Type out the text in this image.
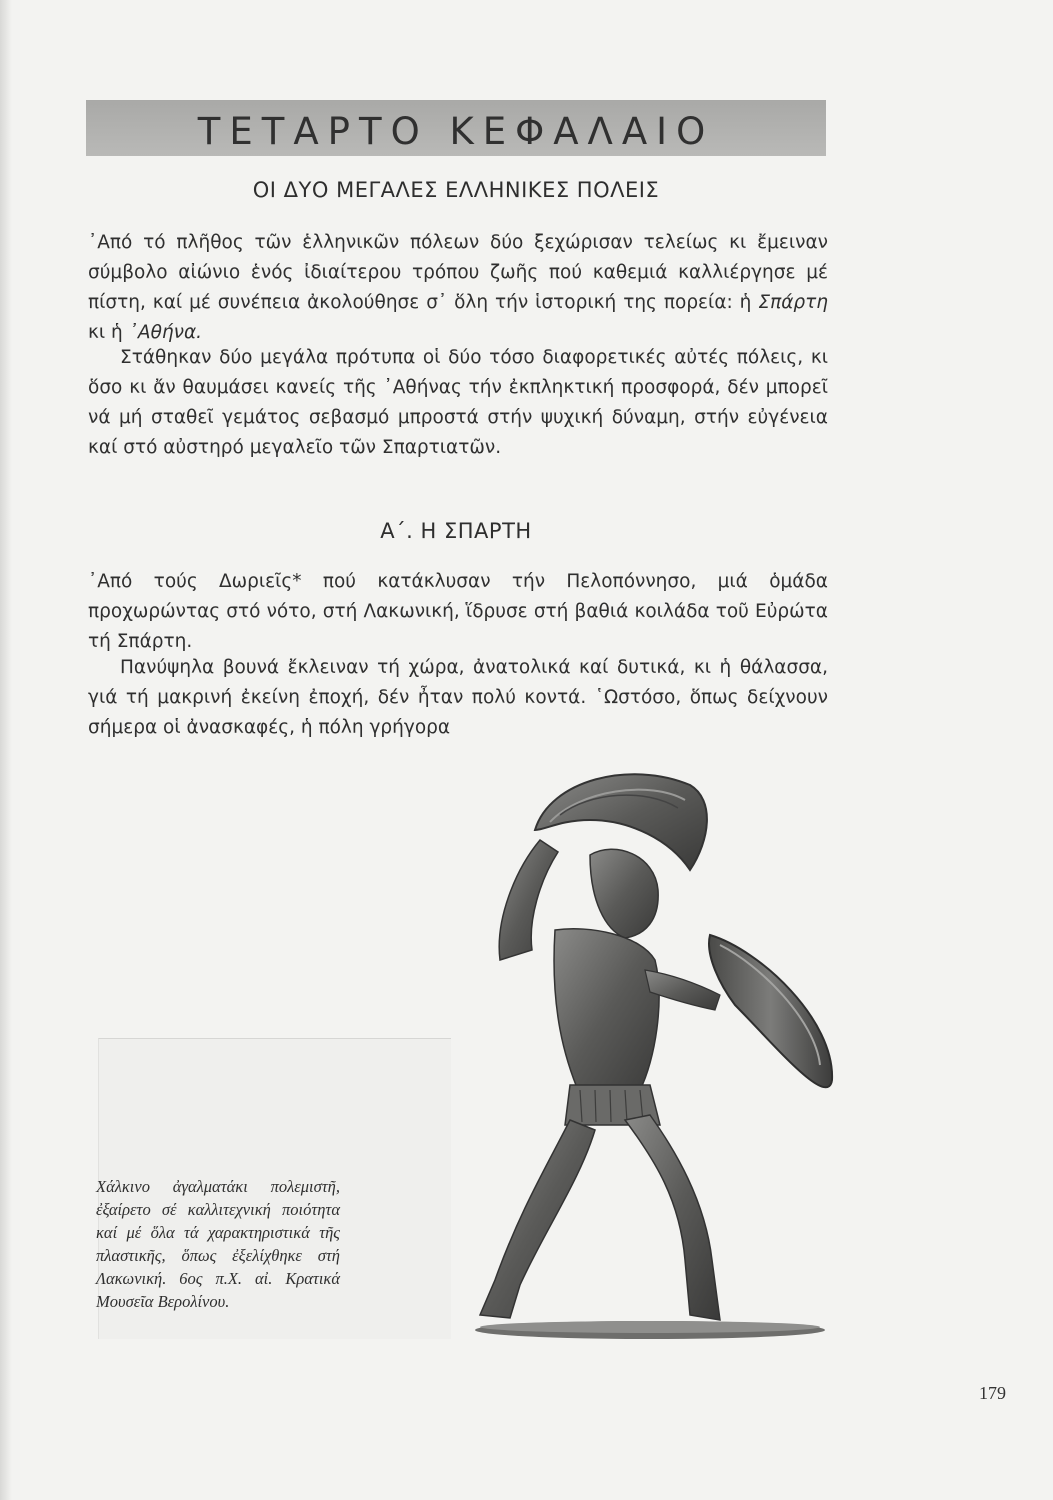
ΤΕΤΑΡΤΟ ΚΕΦΑΛΑΙΟ
ΟΙ ΔΥΟ ΜΕΓΑΛΕΣ ΕΛΛΗΝΙΚΕΣ ΠΟΛΕΙΣ

᾿Από τό πλῆθος τῶν ἑλληνικῶν πόλεων δύο ξεχώρισαν τελείως κι ἔμειναν σύμβολο αἰώνιο ἑνός ἰδιαίτερου τρόπου ζωῆς πού καθεμιά καλλιέργησε μέ πίστη, καί μέ συνέπεια ἀκολούθησε σ᾿ ὅλη τήν ἱστορική της πορεία: ἡ Σπάρτη κι ἡ ᾿Αθήνα.

Στάθηκαν δύο μεγάλα πρότυπα οἱ δύο τόσο διαφορετικές αὐτές πόλεις, κι ὅσο κι ἄν θαυμάσει κανείς τῆς ᾿Αθήνας τήν ἐκπληκτική προσφορά, δέν μπορεῖ νά μή σταθεῖ γεμάτος σεβασμό μπροστά στήν ψυχική δύναμη, στήν εὐγένεια καί στό αὐστηρό μεγαλεῖο τῶν Σπαρτιατῶν.

Α΄. Η ΣΠΑΡΤΗ

᾿Από τούς Δωριεῖς* πού κατάκλυσαν τήν Πελοπόννησο, μιά ὁμάδα προχωρώντας στό νότο, στή Λακωνική, ἵδρυσε στή βαθιά κοιλάδα τοῦ Εὐρώτα τή Σπάρτη.

Πανύψηλα βουνά ἔκλειναν τή χώρα, ἀνατολικά καί δυτικά, κι ἡ θάλασσα, γιά τή μακρινή ἐκείνη ἐποχή, δέν ἦταν πολύ κοντά. ῾Ωστόσο, ὅπως δείχνουν σήμερα οἱ ἀνασκαφές, ἡ πόλη γρήγορα

Χάλκινο ἀγαλματάκι πολεμιστῆ, ἐξαίρετο σέ καλλιτεχνική ποιότητα καί μέ ὅλα τά χαρακτηριστικά τῆς πλαστικῆς, ὅπως ἐξελίχθηκε στή Λακωνική. 6ος π.Χ. αἰ. Κρατικά Μουσεῖα Βερολίνου.
179
